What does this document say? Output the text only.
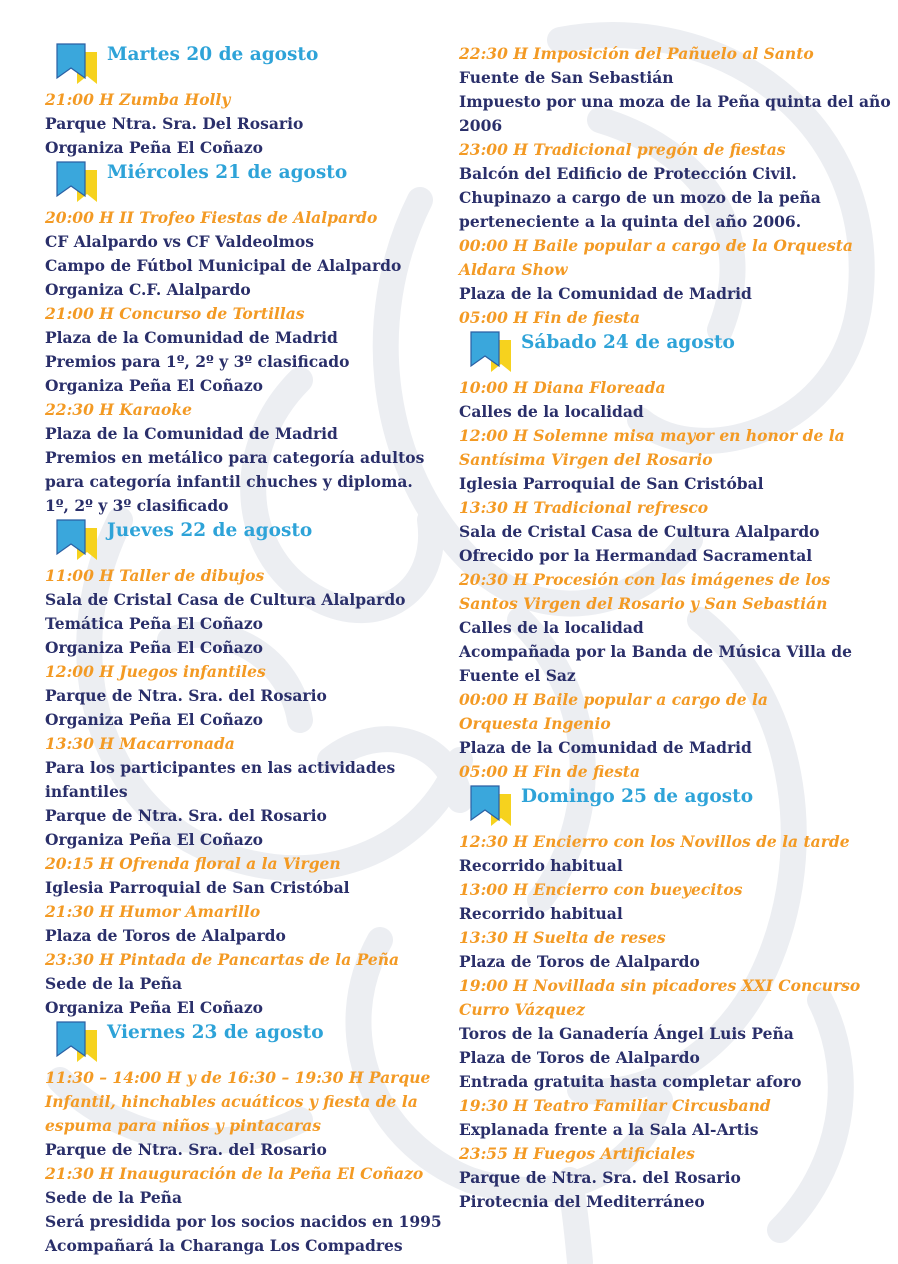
Martes 20 de agosto
21:00 H Zumba Holly
Parque Ntra. Sra. Del Rosario
Organiza Peña El Coñazo
Miércoles 21 de agosto
20:00 H II Trofeo Fiestas de Alalpardo
CF Alalpardo vs CF Valdeolmos
Campo de Fútbol Municipal de Alalpardo
Organiza C.F. Alalpardo
21:00 H Concurso de Tortillas
Plaza de la Comunidad de Madrid
Premios para 1º, 2º y 3º clasificado
Organiza Peña El Coñazo
22:30 H Karaoke
Plaza de la Comunidad de Madrid
Premios en metálico para categoría adultos
para categoría infantil chuches y diploma.
1º, 2º y 3º clasificado
Jueves 22 de agosto
11:00 H Taller de dibujos
Sala de Cristal Casa de Cultura Alalpardo
Temática Peña El Coñazo
Organiza Peña El Coñazo
12:00 H Juegos infantiles
Parque de Ntra. Sra. del Rosario
Organiza Peña El Coñazo
13:30 H Macarronada
Para los participantes en las actividades
infantiles
Parque de Ntra. Sra. del Rosario
Organiza Peña El Coñazo
20:15 H Ofrenda floral a la Virgen
Iglesia Parroquial de San Cristóbal
21:30 H Humor Amarillo
Plaza de Toros de Alalpardo
23:30 H Pintada de Pancartas de la Peña
Sede de la Peña
Organiza Peña El Coñazo
Viernes 23 de agosto
11:30 – 14:00 H y de 16:30 – 19:30 H Parque
Infantil, hinchables acuáticos y fiesta de la
espuma para niños y pintacaras
Parque de Ntra. Sra. del Rosario
21:30 H Inauguración de la Peña El Coñazo
Sede de la Peña
Será presidida por los socios nacidos en 1995
Acompañará la Charanga Los Compadres
22:30 H Imposición del Pañuelo al Santo
Fuente de San Sebastián
Impuesto por una moza de la Peña quinta del año
2006
23:00 H Tradicional pregón de fiestas
Balcón del Edificio de Protección Civil.
Chupinazo a cargo de un mozo de la peña
perteneciente a la quinta del año 2006.
00:00 H Baile popular a cargo de la Orquesta
Aldara Show
Plaza de la Comunidad de Madrid
05:00 H Fin de fiesta
Sábado 24 de agosto
10:00 H Diana Floreada
Calles de la localidad
12:00 H Solemne misa mayor en honor de la
Santísima Virgen del Rosario
Iglesia Parroquial de San Cristóbal
13:30 H Tradicional refresco
Sala de Cristal Casa de Cultura Alalpardo
Ofrecido por la Hermandad Sacramental
20:30 H Procesión con las imágenes de los
Santos Virgen del Rosario y San Sebastián
Calles de la localidad
Acompañada por la Banda de Música Villa de
Fuente el Saz
00:00 H Baile popular a cargo de la
Orquesta Ingenio
Plaza de la Comunidad de Madrid
05:00 H Fin de fiesta
Domingo 25 de agosto
12:30 H Encierro con los Novillos de la tarde
Recorrido habitual
13:00 H Encierro con bueyecitos
Recorrido habitual
13:30 H Suelta de reses
Plaza de Toros de Alalpardo
19:00 H Novillada sin picadores XXI Concurso
Curro Vázquez
Toros de la Ganadería Ángel Luis Peña
Plaza de Toros de Alalpardo
Entrada gratuita hasta completar aforo
19:30 H Teatro Familiar Circusband
Explanada frente a la Sala Al-Artis
23:55 H Fuegos Artificiales
Parque de Ntra. Sra. del Rosario
Pirotecnia del Mediterráneo
